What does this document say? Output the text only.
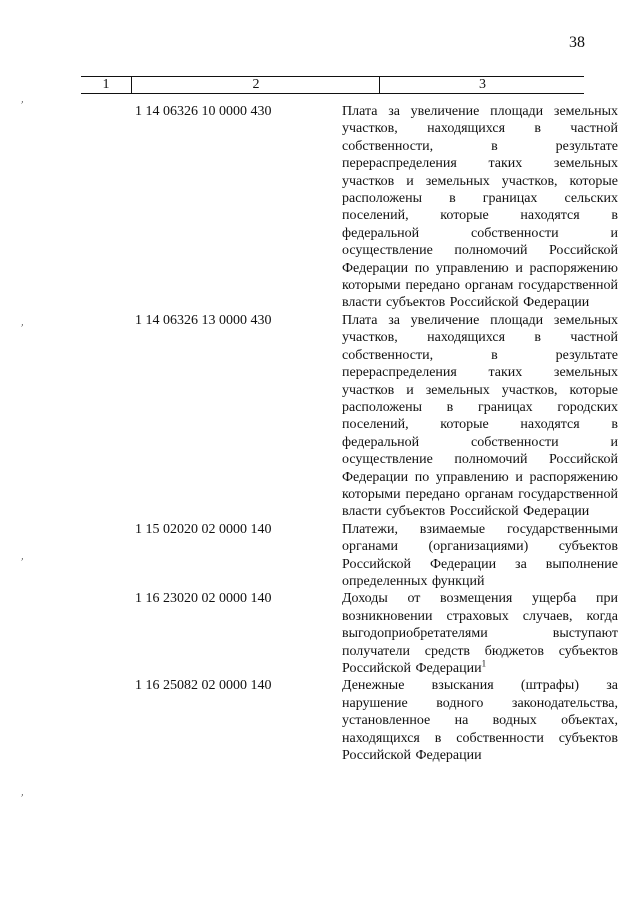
38
1	2	3
,
,
,
,
1 14 06326 10 0000 430	Плата за увеличение площади земельных участков, находящихся в частной собственности, в результате перераспределения таких земельных участков и земельных участков, которые расположены в границах сельских поселений, которые находятся в федеральной собственности и осуществление полномочий Российской Федерации по управлению и распоряжению которыми передано органам государственной власти субъектов Российской Федерации
1 14 06326 13 0000 430	Плата за увеличение площади земельных участков, находящихся в частной собственности, в результате перераспределения таких земельных участков и земельных участков, которые расположены в границах городских поселений, которые находятся в федеральной собственности и осуществление полномочий Российской Федерации по управлению и распоряжению которыми передано органам государственной власти субъектов Российской Федерации
1 15 02020 02 0000 140	Платежи, взимаемые государственными органами (организациями) субъектов Российской Федерации за выполнение определенных функций
1 16 23020 02 0000 140	Доходы от возмещения ущерба при возникновении страховых случаев, когда выгодоприобретателями выступают получатели средств бюджетов субъектов Российской Федерации$^1$
1 16 25082 02 0000 140	Денежные взыскания (штрафы) за нарушение водного законодательства, установленное на водных объектах, находящихся в собственности субъектов Российской Федерации
